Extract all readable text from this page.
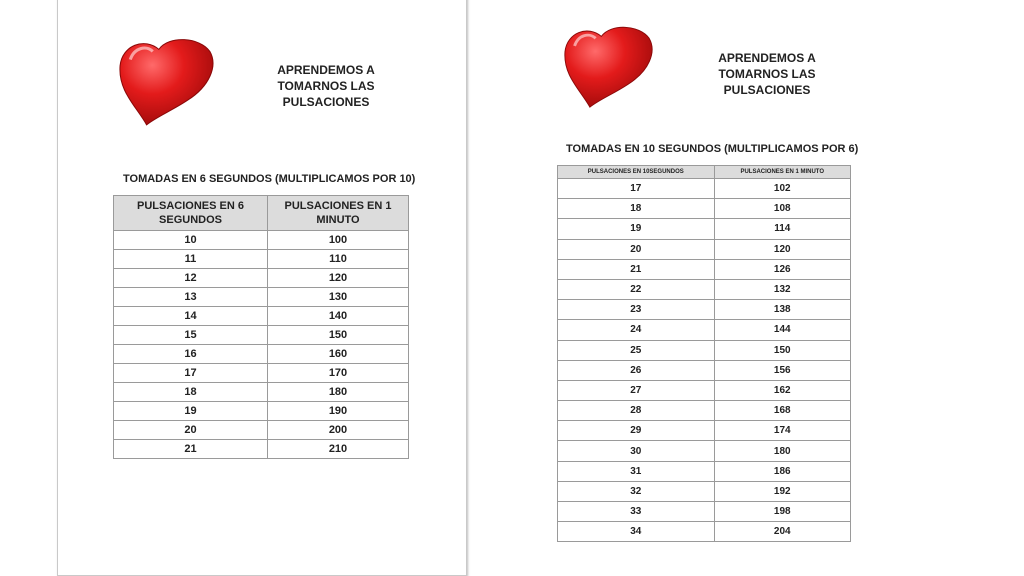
APRENDEMOS A
TOMARNOS LAS
PULSACIONES
TOMADAS EN 6 SEGUNDOS (MULTIPLICAMOS POR 10)
PULSACIONES EN 6 SEGUNDOS	PULSACIONES EN 1 MINUTO
10	100
11	110
12	120
13	130
14	140
15	150
16	160
17	170
18	180
19	190
20	200
21	210
APRENDEMOS A
TOMARNOS LAS
PULSACIONES
TOMADAS EN 10 SEGUNDOS (MULTIPLICAMOS POR 6)
PULSACIONES EN 10SEGUNDOS	PULSACIONES EN 1 MINUTO
17	102
18	108
19	114
20	120
21	126
22	132
23	138
24	144
25	150
26	156
27	162
28	168
29	174
30	180
31	186
32	192
33	198
34	204
